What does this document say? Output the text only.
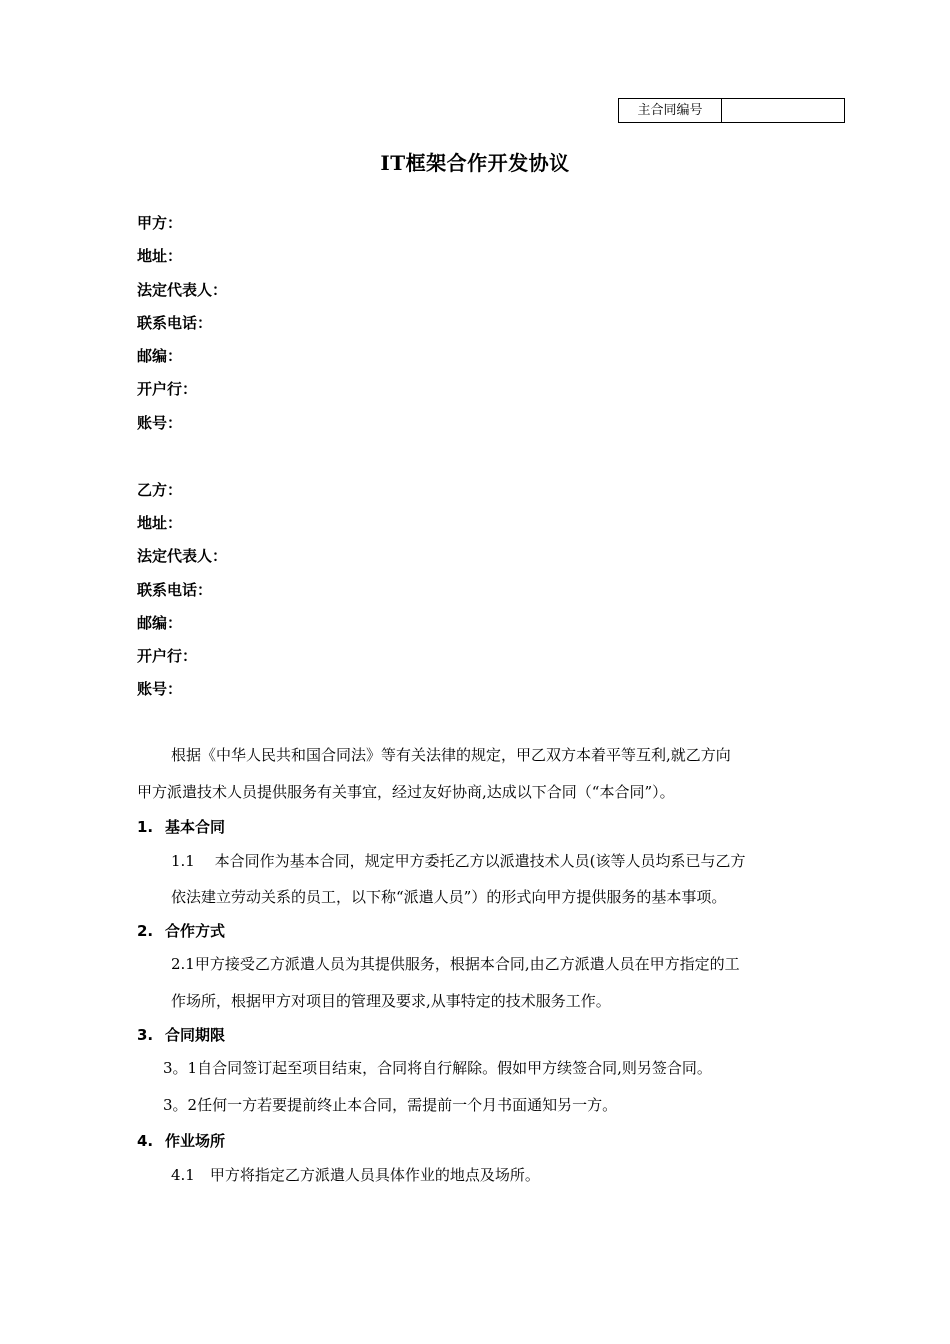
主合同编号
IT框架合作开发协议
甲方：
地址：
法定代表人：
联系电话：
邮编：
开户行：
账号：
乙方：
地址：
法定代表人：
联系电话：
邮编：
开户行：
账号：
根据《中华人民共和国合同法》等有关法律的规定，甲乙双方本着平等互利,就乙方向
甲方派遣技术人员提供服务有关事宜，经过友好协商,达成以下合同（“本合同”）。
1. 基本合同
1.1　 本合同作为基本合同，规定甲方委托乙方以派遣技术人员(该等人员均系已与乙方
依法建立劳动关系的员工，以下称“派遣人员”）的形式向甲方提供服务的基本事项。
2. 合作方式
2.1甲方接受乙方派遣人员为其提供服务，根据本合同,由乙方派遣人员在甲方指定的工
作场所，根据甲方对项目的管理及要求,从事特定的技术服务工作。
3. 合同期限
3。1自合同签订起至项目结束，合同将自行解除。假如甲方续签合同,则另签合同。
3。2任何一方若要提前终止本合同，需提前一个月书面通知另一方。
4. 作业场所
4.1　甲方将指定乙方派遣人员具体作业的地点及场所。
